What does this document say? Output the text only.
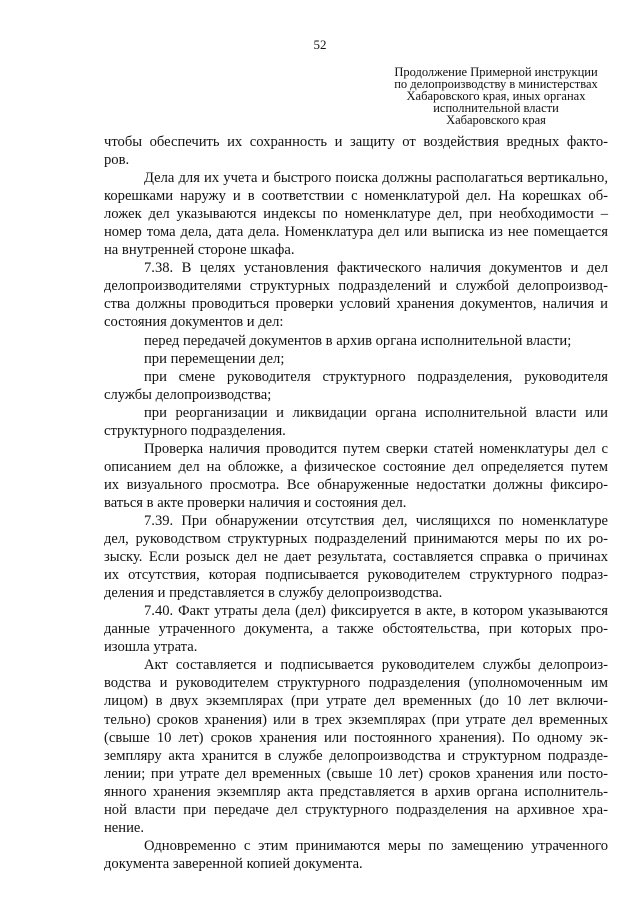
52
Продолжение Примерной инструкции
по делопроизводству в министерствах
Хабаровского края, иных органах
исполнительной власти
Хабаровского края
чтобы обеспечить их сохранность и защиту от воздействия вредных факто-
ров.
Дела для их учета и быстрого поиска должны располагаться вертикально,
корешками наружу и в соответствии с номенклатурой дел. На корешках об-
ложек дел указываются индексы по номенклатуре дел, при необходимости –
номер тома дела, дата дела. Номенклатура дел или выписка из нее помещается
на внутренней стороне шкафа.
7.38. В целях установления фактического наличия документов и дел
делопроизводителями структурных подразделений и службой делопроизвод-
ства должны проводиться проверки условий хранения документов, наличия и
состояния документов и дел:
перед передачей документов в архив органа исполнительной власти;
при перемещении дел;
при смене руководителя структурного подразделения, руководителя
службы делопроизводства;
при реорганизации и ликвидации органа исполнительной власти или
структурного подразделения.
Проверка наличия проводится путем сверки статей номенклатуры дел с
описанием дел на обложке, а физическое состояние дел определяется путем
их визуального просмотра. Все обнаруженные недостатки должны фиксиро-
ваться в акте проверки наличия и состояния дел.
7.39. При обнаружении отсутствия дел, числящихся по номенклатуре
дел, руководством структурных подразделений принимаются меры по их ро-
зыску. Если розыск дел не дает результата, составляется справка о причинах
их отсутствия, которая подписывается руководителем структурного подраз-
деления и представляется в службу делопроизводства.
7.40. Факт утраты дела (дел) фиксируется в акте, в котором указываются
данные утраченного документа, а также обстоятельства, при которых про-
изошла утрата.
Акт составляется и подписывается руководителем службы делопроиз-
водства и руководителем структурного подразделения (уполномоченным им
лицом) в двух экземплярах (при утрате дел временных (до 10 лет включи-
тельно) сроков хранения) или в трех экземплярах (при утрате дел временных
(свыше 10 лет) сроков хранения или постоянного хранения). По одному эк-
земпляру акта хранится в службе делопроизводства и структурном подразде-
лении; при утрате дел временных (свыше 10 лет) сроков хранения или посто-
янного хранения экземпляр акта представляется в архив органа исполнитель-
ной власти при передаче дел структурного подразделения на архивное хра-
нение.
Одновременно с этим принимаются меры по замещению утраченного
документа заверенной копией документа.
